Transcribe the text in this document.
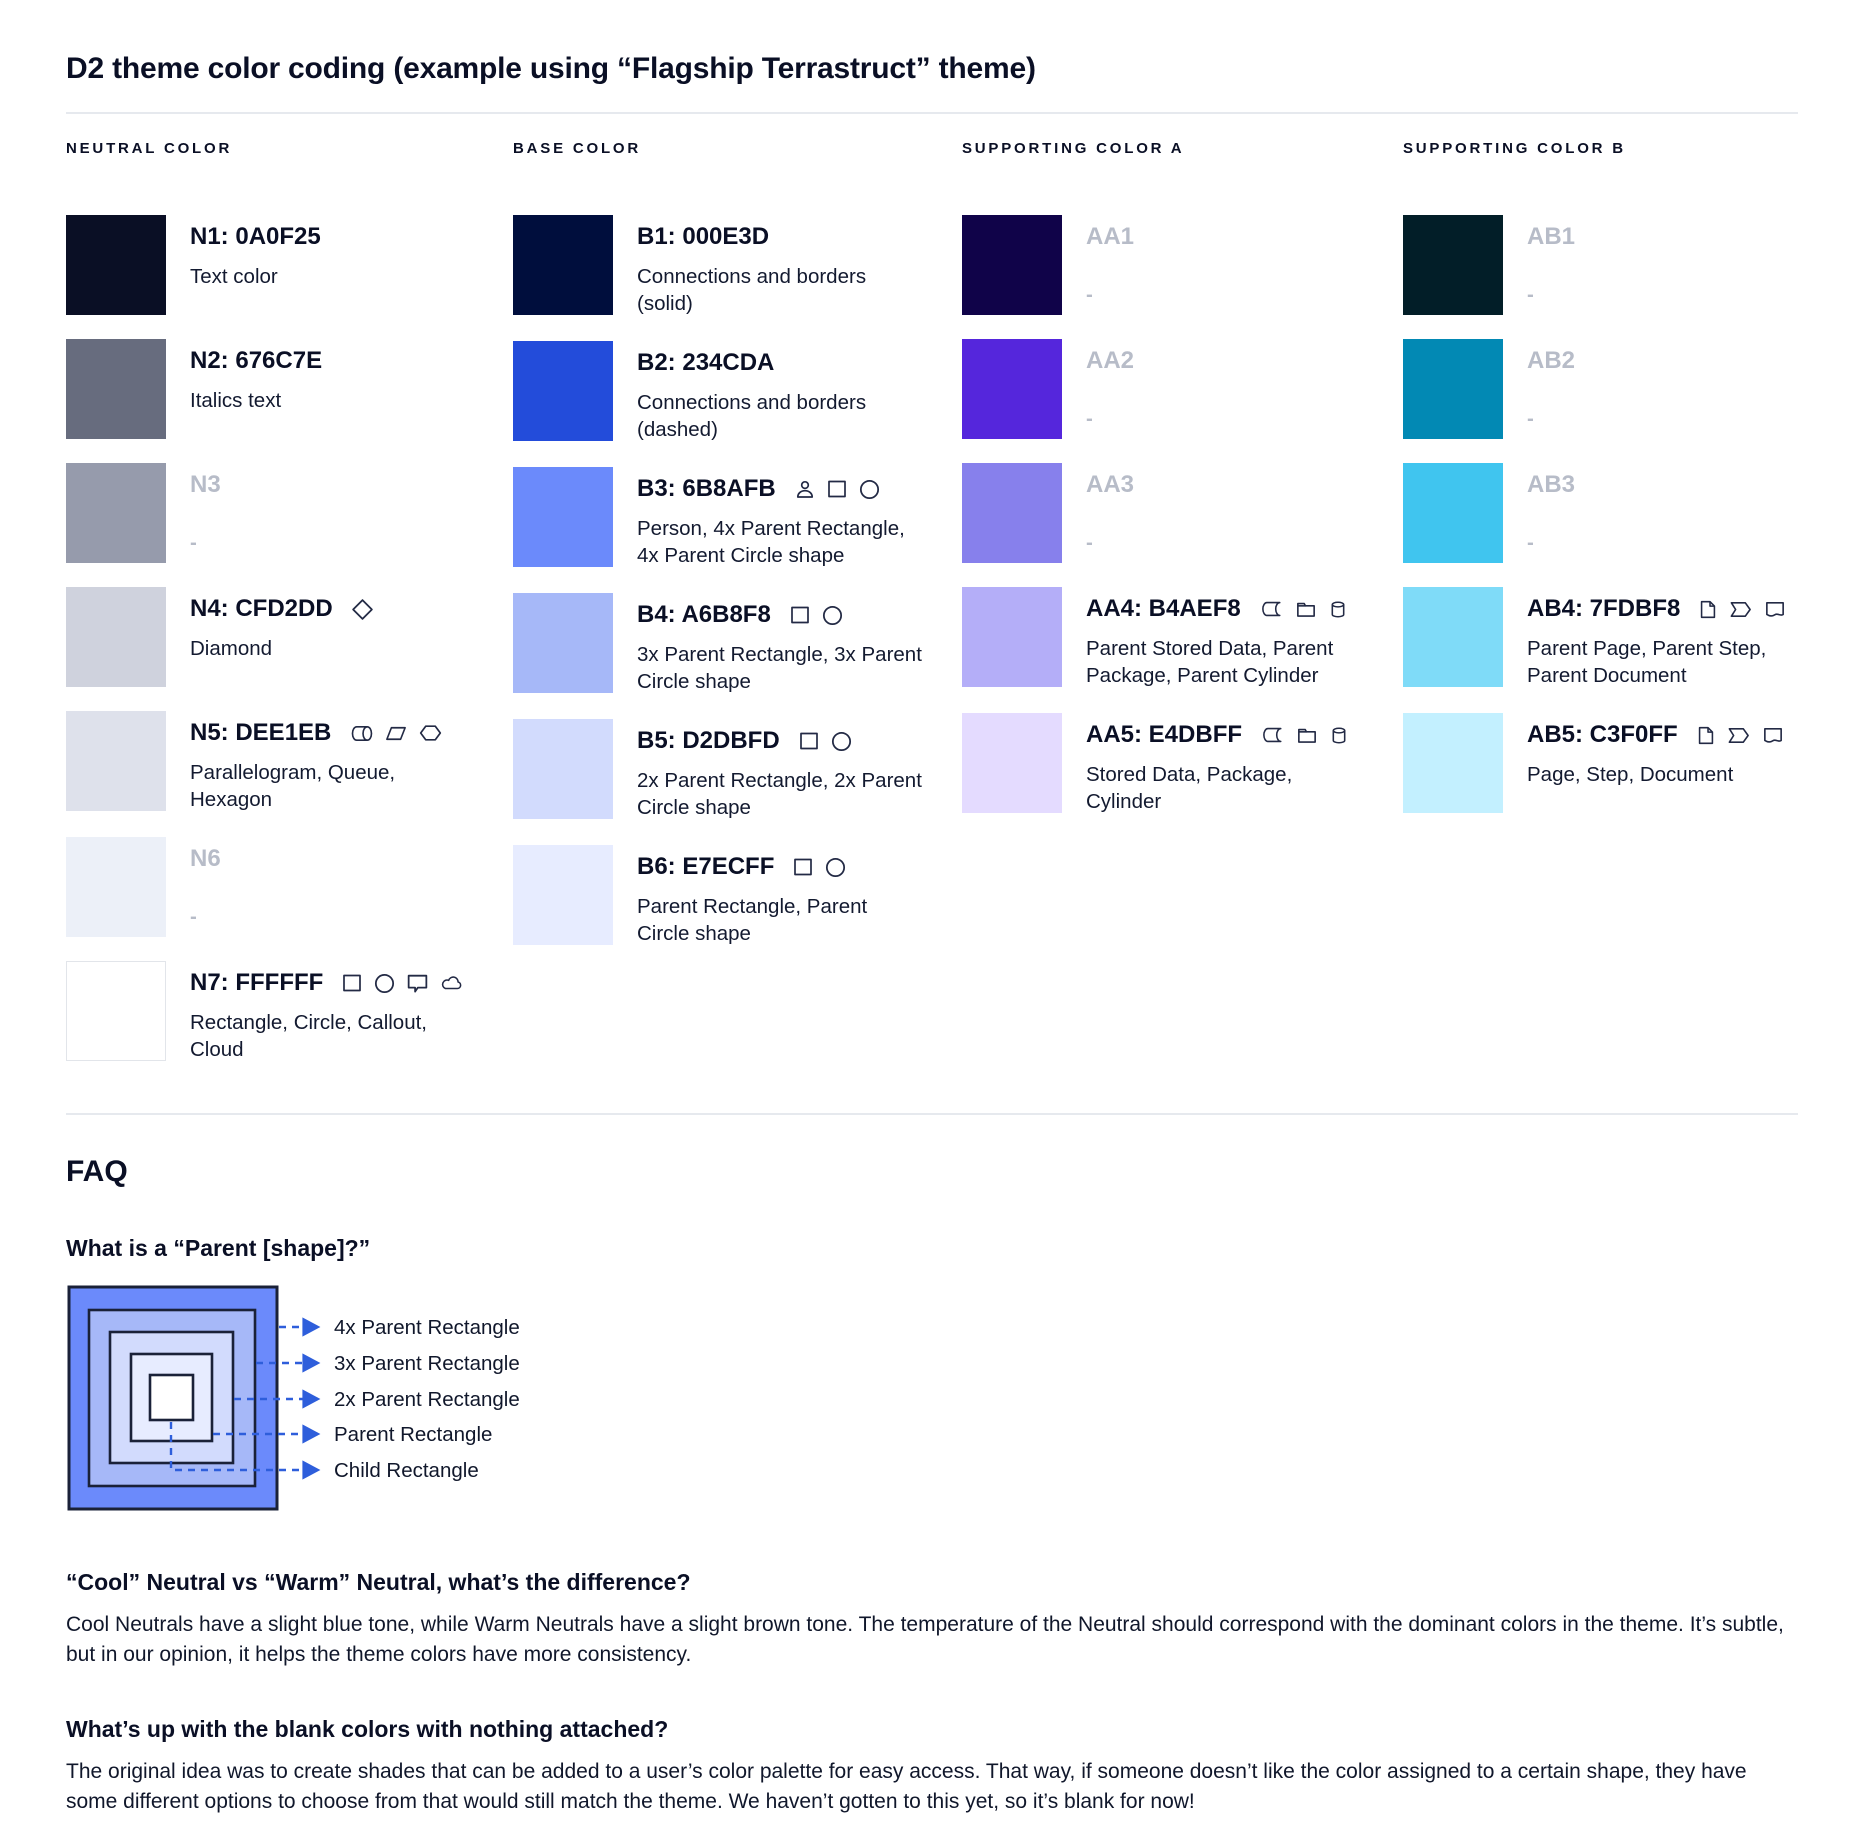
D2 theme color coding (example using “Flagship Terrastruct” theme)
NEUTRAL COLOR
N1: 0A0F25
Text color
N2: 676C7E
Italics text
N3
-
N4: CFD2DD
Diamond
N5: DEE1EB
Parallelogram, Queue, Hexagon
N6
-
N7: FFFFFF
Rectangle, Circle, Callout, Cloud
BASE COLOR
B1: 000E3D
Connections and borders (solid)
B2: 234CDA
Connections and borders (dashed)
B3: 6B8AFB
Person, 4x Parent Rectangle, 4x Parent Circle shape
B4: A6B8F8
3x Parent Rectangle, 3x Parent Circle shape
B5: D2DBFD
2x Parent Rectangle, 2x Parent Circle shape
B6: E7ECFF
Parent Rectangle, Parent Circle shape
SUPPORTING COLOR A
AA1
-
AA2
-
AA3
-
AA4: B4AEF8
Parent Stored Data, Parent Package, Parent Cylinder
AA5: E4DBFF
Stored Data, Package, Cylinder
SUPPORTING COLOR B
AB1
-
AB2
-
AB3
-
AB4: 7FDBF8
Parent Page, Parent Step, Parent Document
AB5: C3F0FF
Page, Step, Document
FAQ
What is a “Parent [shape]?”
4x Parent Rectangle
3x Parent Rectangle
2x Parent Rectangle
Parent Rectangle
Child Rectangle
“Cool” Neutral vs “Warm” Neutral, what’s the difference?
Cool Neutrals have a slight blue tone, while Warm Neutrals have a slight brown tone. The temperature of the Neutral should correspond with the dominant colors in the theme. It’s subtle, but in our opinion, it helps the theme colors have more consistency.
What’s up with the blank colors with nothing attached?
The original idea was to create shades that can be added to a user’s color palette for easy access. That way, if someone doesn’t like the color assigned to a certain shape, they have some different options to choose from that would still match the theme. We haven’t gotten to this yet, so it’s blank for now!
